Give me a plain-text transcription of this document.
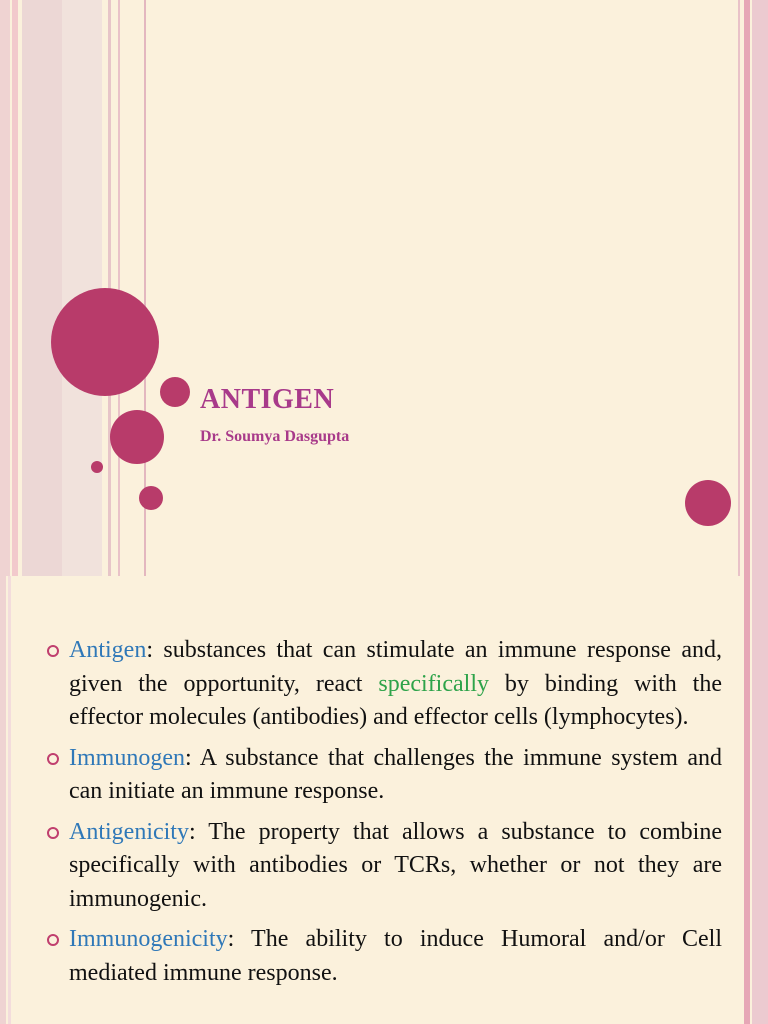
ANTIGEN
Dr. Soumya Dasgupta
Antigen: substances that can stimulate an immune response and, given the opportunity, react specifically by binding with the effector molecules (antibodies) and effector cells (lymphocytes).
Immunogen: A substance that challenges the immune system and can initiate an immune response.
Antigenicity: The property that allows a substance to combine specifically with antibodies or TCRs, whether or not they are immunogenic.
Immunogenicity: The ability to induce Humoral and/or Cell mediated immune response.
